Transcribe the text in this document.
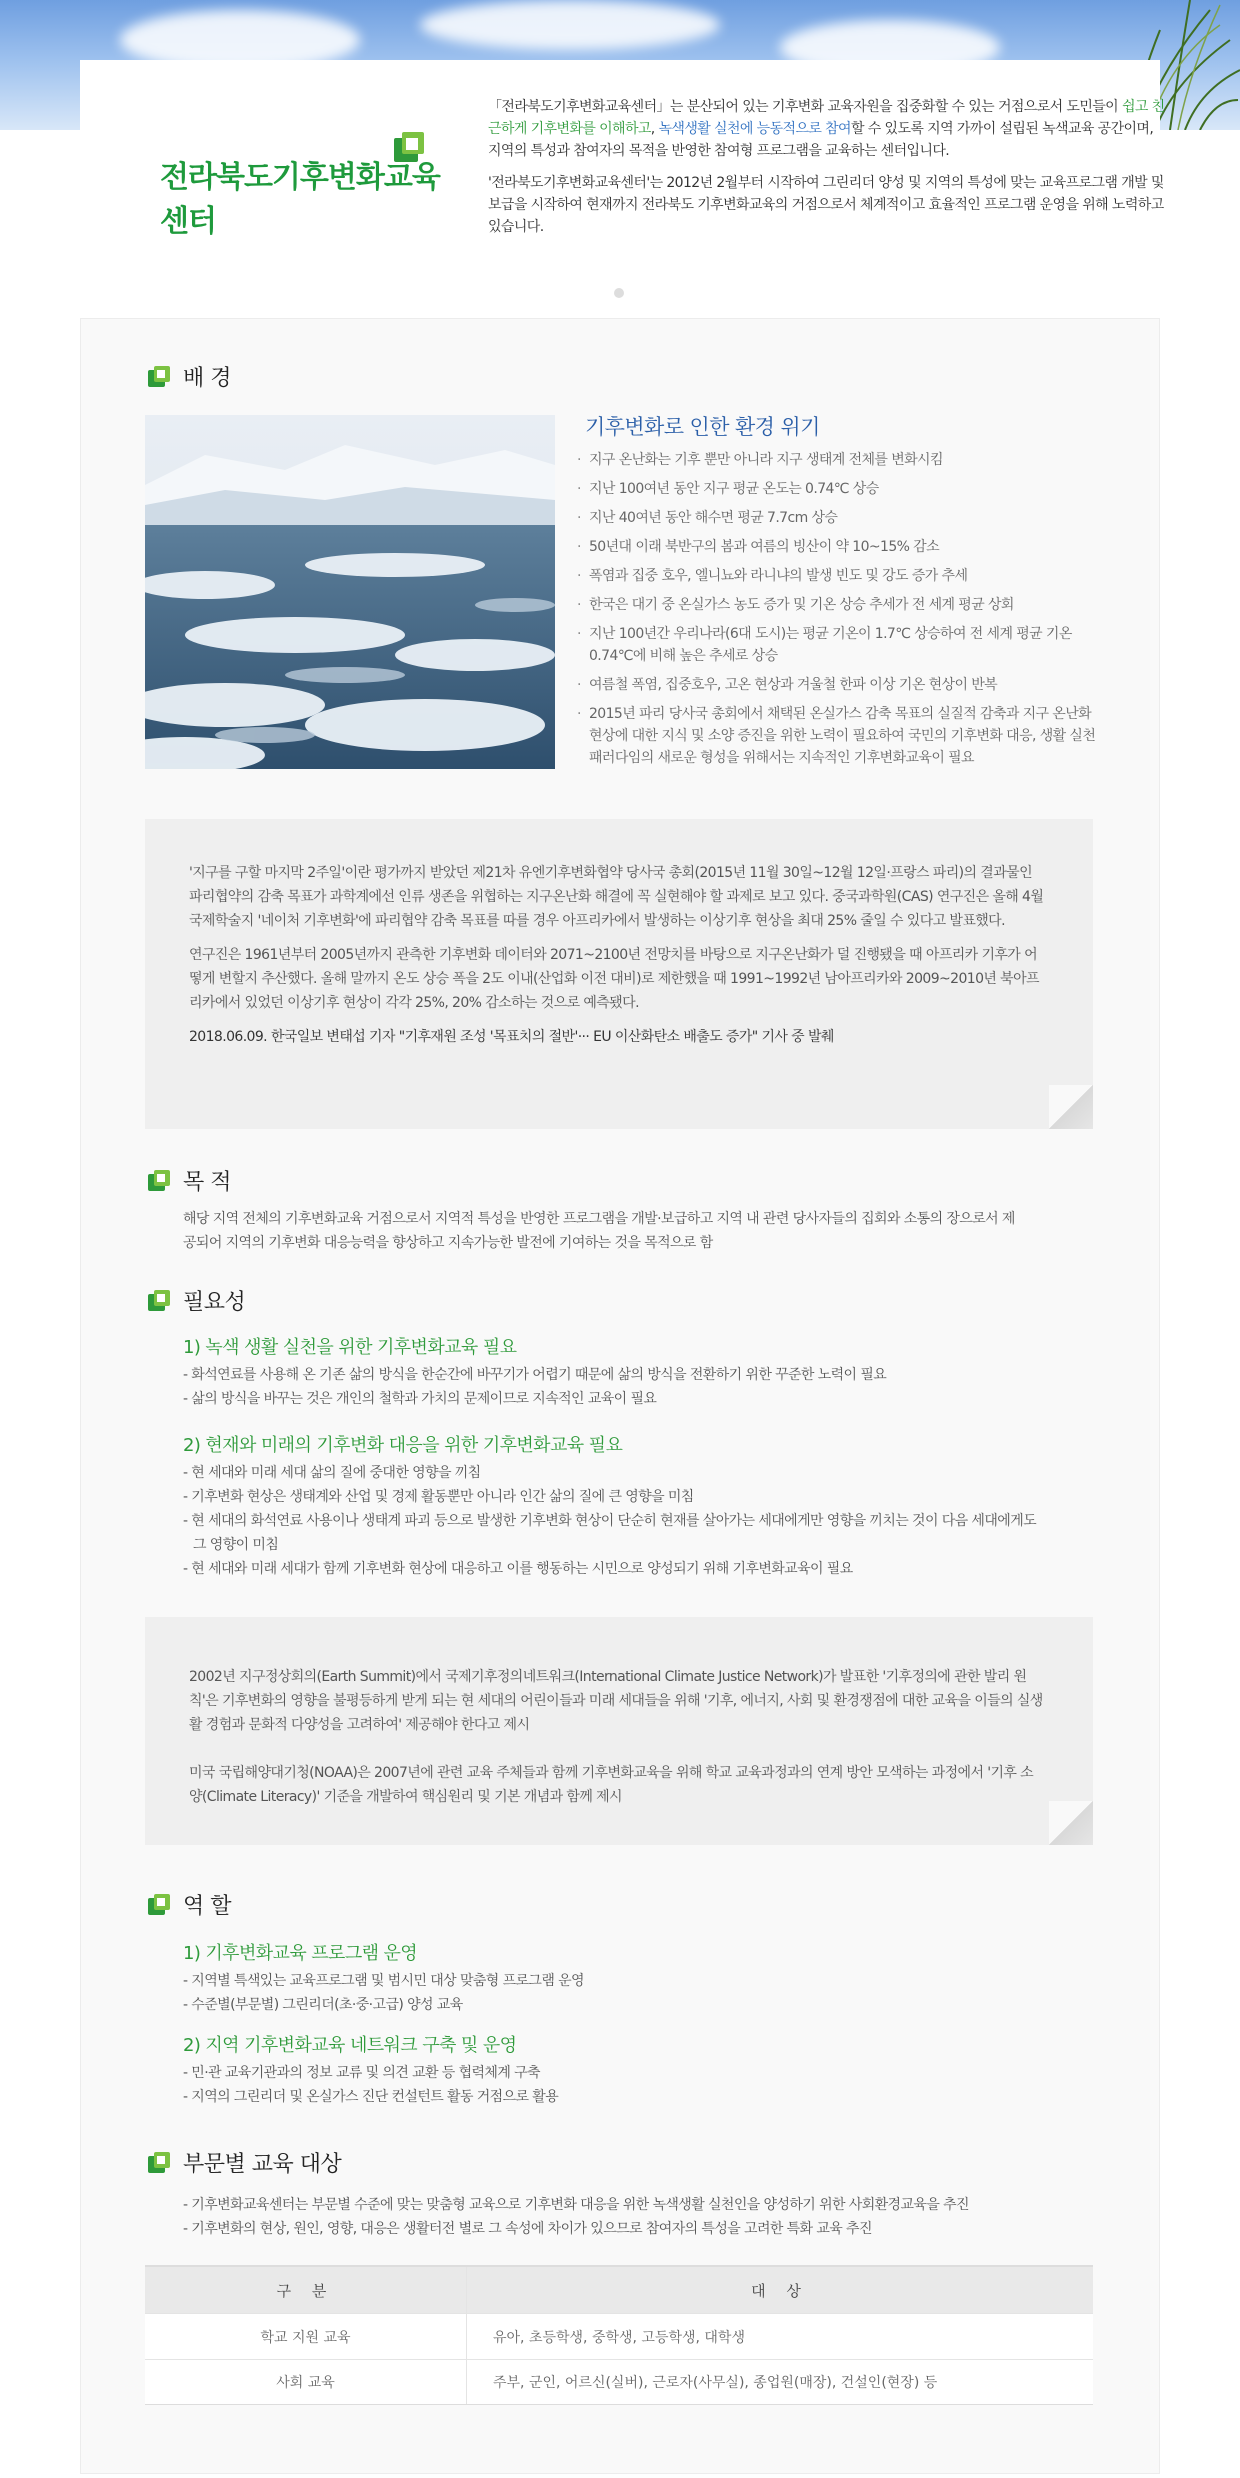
전라북도기후변화교육센터

「전라북도기후변화교육센터」는 분산되어 있는 기후변화 교육자원을 집중화할 수 있는 거점으로서 도민들이 쉽고 친근하게 기후변화를 이해하고, 녹색생활 실천에 능동적으로 참여할 수 있도록 지역 가까이 설립된 녹색교육 공간이며, 지역의 특성과 참여자의 목적을 반영한 참여형 프로그램을 교육하는 센터입니다.

'전라북도기후변화교육센터'는 2012년 2월부터 시작하여 그린리더 양성 및 지역의 특성에 맞는 교육프로그램 개발 및 보급을 시작하여 현재까지 전라북도 기후변화교육의 거점으로서 체계적이고 효율적인 프로그램 운영을 위해 노력하고 있습니다.

배 경
기후변화로 인한 환경 위기
· 지구 온난화는 기후 뿐만 아니라 지구 생태계 전체를 변화시킴
· 지난 100여년 동안 지구 평균 온도는 0.74℃ 상승
· 지난 40여년 동안 해수면 평균 7.7cm 상승
· 50년대 이래 북반구의 봄과 여름의 빙산이 약 10~15% 감소
· 폭염과 집중 호우, 엘니뇨와 라니냐의 발생 빈도 및 강도 증가 추세
· 한국은 대기 중 온실가스 농도 증가 및 기온 상승 추세가 전 세계 평균 상회
· 지난 100년간 우리나라(6대 도시)는 평균 기온이 1.7℃ 상승하여 전 세계 평균 기온 0.74℃에 비해 높은 추세로 상승
· 여름철 폭염, 집중호우, 고온 현상과 겨울철 한파 이상 기온 현상이 반복
· 2015년 파리 당사국 총회에서 채택된 온실가스 감축 목표의 실질적 감축과 지구 온난화 현상에 대한 지식 및 소양 증진을 위한 노력이 필요하여 국민의 기후변화 대응, 생활 실천 패러다임의 새로운 형성을 위해서는 지속적인 기후변화교육이 필요

'지구를 구할 마지막 2주일'이란 평가까지 받았던 제21차 유엔기후변화협약 당사국 총회(2015년 11월 30일~12월 12일·프랑스 파리)의 결과물인 파리협약의 감축 목표가 과학계에선 인류 생존을 위협하는 지구온난화 해결에 꼭 실현해야 할 과제로 보고 있다. 중국과학원(CAS) 연구진은 올해 4월 국제학술지 '네이처 기후변화'에 파리협약 감축 목표를 따를 경우 아프리카에서 발생하는 이상기후 현상을 최대 25% 줄일 수 있다고 발표했다.

연구진은 1961년부터 2005년까지 관측한 기후변화 데이터와 2071~2100년 전망치를 바탕으로 지구온난화가 덜 진행됐을 때 아프리카 기후가 어떻게 변할지 추산했다. 올해 말까지 온도 상승 폭을 2도 이내(산업화 이전 대비)로 제한했을 때 1991~1992년 남아프리카와 2009~2010년 북아프리카에서 있었던 이상기후 현상이 각각 25%, 20% 감소하는 것으로 예측됐다.

2018.06.09. 한국일보 변태섭 기자 "기후재원 조성 '목표치의 절반'··· EU 이산화탄소 배출도 증가" 기사 중 발췌

목 적
해당 지역 전체의 기후변화교육 거점으로서 지역적 특성을 반영한 프로그램을 개발·보급하고 지역 내 관련 당사자들의 집회와 소통의 장으로서 제공되어 지역의 기후변화 대응능력을 향상하고 지속가능한 발전에 기여하는 것을 목적으로 함
필요성
1) 녹색 생활 실천을 위한 기후변화교육 필요
- 화석연료를 사용해 온 기존 삶의 방식을 한순간에 바꾸기가 어렵기 때문에 삶의 방식을 전환하기 위한 꾸준한 노력이 필요
- 삶의 방식을 바꾸는 것은 개인의 철학과 가치의 문제이므로 지속적인 교육이 필요
2) 현재와 미래의 기후변화 대응을 위한 기후변화교육 필요
- 현 세대와 미래 세대 삶의 질에 중대한 영향을 끼침
- 기후변화 현상은 생태계와 산업 및 경제 활동뿐만 아니라 인간 삶의 질에 큰 영향을 미침
- 현 세대의 화석연료 사용이나 생태계 파괴 등으로 발생한 기후변화 현상이 단순히 현재를 살아가는 세대에게만 영향을 끼치는 것이 다음 세대에게도 그 영향이 미침
- 현 세대와 미래 세대가 함께 기후변화 현상에 대응하고 이를 행동하는 시민으로 양성되기 위해 기후변화교육이 필요

2002년 지구정상회의(Earth Summit)에서 국제기후정의네트워크(International Climate Justice Network)가 발표한 '기후정의에 관한 발리 원칙'은 기후변화의 영향을 불평등하게 받게 되는 현 세대의 어린이들과 미래 세대들을 위해 '기후, 에너지, 사회 및 환경쟁점에 대한 교육을 이들의 실생활 경험과 문화적 다양성을 고려하여' 제공해야 한다고 제시

미국 국립해양대기청(NOAA)은 2007년에 관련 교육 주체들과 함께 기후변화교육을 위해 학교 교육과정과의 연계 방안 모색하는 과정에서 '기후 소양(Climate Literacy)' 기준을 개발하여 핵심원리 및 기본 개념과 함께 제시

역 할
1) 기후변화교육 프로그램 운영
- 지역별 특색있는 교육프로그램 및 범시민 대상 맞춤형 프로그램 운영
- 수준별(부문별) 그린리더(초·중·고급) 양성 교육
2) 지역 기후변화교육 네트워크 구축 및 운영
- 민·관 교육기관과의 정보 교류 및 의견 교환 등 협력체계 구축
- 지역의 그린리더 및 온실가스 진단 컨설턴트 활동 거점으로 활용
부문별 교육 대상
- 기후변화교육센터는 부문별 수준에 맞는 맞춤형 교육으로 기후변화 대응을 위한 녹색생활 실천인을 양성하기 위한 사회환경교육을 추진
- 기후변화의 현상, 원인, 영향, 대응은 생활터전 별로 그 속성에 차이가 있으므로 참여자의 특성을 고려한 특화 교육 추진
구 분	대 상
학교 지원 교육	유아, 초등학생, 중학생, 고등학생, 대학생
사회 교육	주부, 군인, 어르신(실버), 근로자(사무실), 종업원(매장), 건설인(현장) 등
